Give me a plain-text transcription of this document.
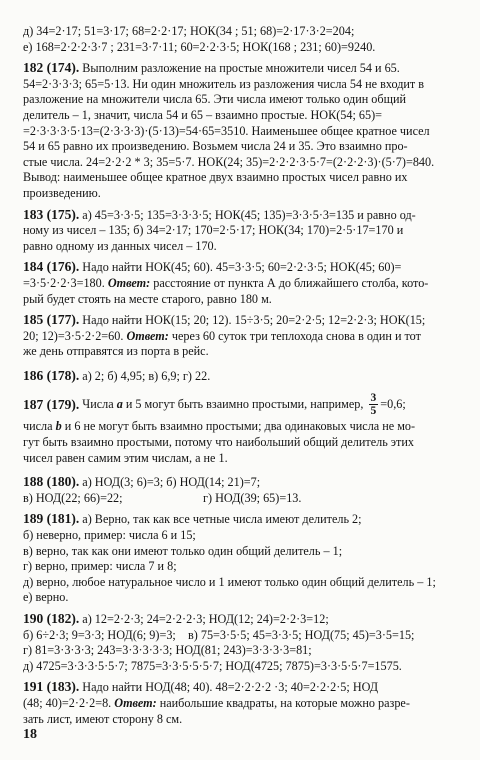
д) 34=2·17; 51=3·17; 68=2·2·17; НОК(34 ; 51; 68)=2·17·3·2=204;

е) 168=2·2·2·3·7 ; 231=3·7·11; 60=2·2·3·5; НОК(168 ; 231; 60)=9240.

182 (174). Выполним разложение на простые множители чисел 54 и 65.

54=2·3·3·3; 65=5·13. Ни один множитель из разложения числа 54 не входит в

разложение на множители числа 65. Эти числа имеют только один общий

делитель – 1, значит, числа 54 и 65 – взаимно простые. НОК(54; 65)=

=2·3·3·3·5·13=(2·3·3·3)·(5·13)=54·65=3510. Наименьшее общее кратное чисел

54 и 65 равно их произведению. Возьмем числа 24 и 35. Это взаимно про-

стые числа. 24=2·2·2 * 3; 35=5·7. НОК(24; 35)=2·2·2·3·5·7=(2·2·2·3)·(5·7)=840.

Вывод: наименьшее общее кратное двух взаимно простых чисел равно их

произведению.

183 (175). а) 45=3·3·5; 135=3·3·3·5; НОК(45; 135)=3·3·5·3=135 и равно од-

ному из чисел – 135; б) 34=2·17; 170=2·5·17; НОК(34; 170)=2·5·17=170 и

равно одному из данных чисел – 170.

184 (176). Надо найти НОК(45; 60). 45=3·3·5; 60=2·2·3·5; НОК(45; 60)=

=3·5·2·2·3=180. Ответ: расстояние от пункта А до ближайшего столба, кото-

рый будет стоять на месте старого, равно 180 м.

185 (177). Надо найти НОК(15; 20; 12). 15÷3·5; 20=2·2·5; 12=2·2·3; НОК(15;

20; 12)=3·5·2·2=60. Ответ: через 60 суток три теплохода снова в один и тот

же день отправятся из порта в рейс.

186 (178). а) 2; б) 4,95; в) 6,9; г) 22.

187 (179). Числа а и 5 могут быть взаимно простыми, например, $\frac{3}{5} =0,6$;

числа b и 6 не могут быть взаимно простыми; два одинаковых числа не мо-

гут быть взаимно простыми, потому что наибольший общий делитель этих

чисел равен самим этим числам, а не 1.

188 (180). а) НОД(3; 6)=3; б) НОД(14; 21)=7;

в) НОД(22; 66)=22;	г) НОД(39; 65)=13.

189 (181). а) Верно, так как все четные числа имеют делитель 2;

б) неверно, пример: числа 6 и 15;

в) верно, так как они имеют только один общий делитель – 1;

г) верно, пример: числа 7 и 8;

д) верно, любое натуральное число и 1 имеют только один общий делитель – 1;

е) верно.

190 (182). а) 12=2·2·3; 24=2·2·2·3; НОД(12; 24)=2·2·3=12;

б) 6÷2·3; 9=3·3; НОД(6; 9)=3;    в) 75=3·5·5; 45=3·3·5; НОД(75; 45)=3·5=15;

г) 81=3·3·3·3; 243=3·3·3·3·3; НОД(81; 243)=3·3·3·3=81;

д) 4725=3·3·3·5·5·7; 7875=3·3·5·5·5·7; НОД(4725; 7875)=3·3·5·5·7=1575.

191 (183). Надо найти НОД(48; 40). 48=2·2·2·2 ·3; 40=2·2·2·5; НОД

(48; 40)=2·2·2=8. Ответ: наибольшие квадраты, на которые можно разре-

зать лист, имеют сторону 8 см.

18
